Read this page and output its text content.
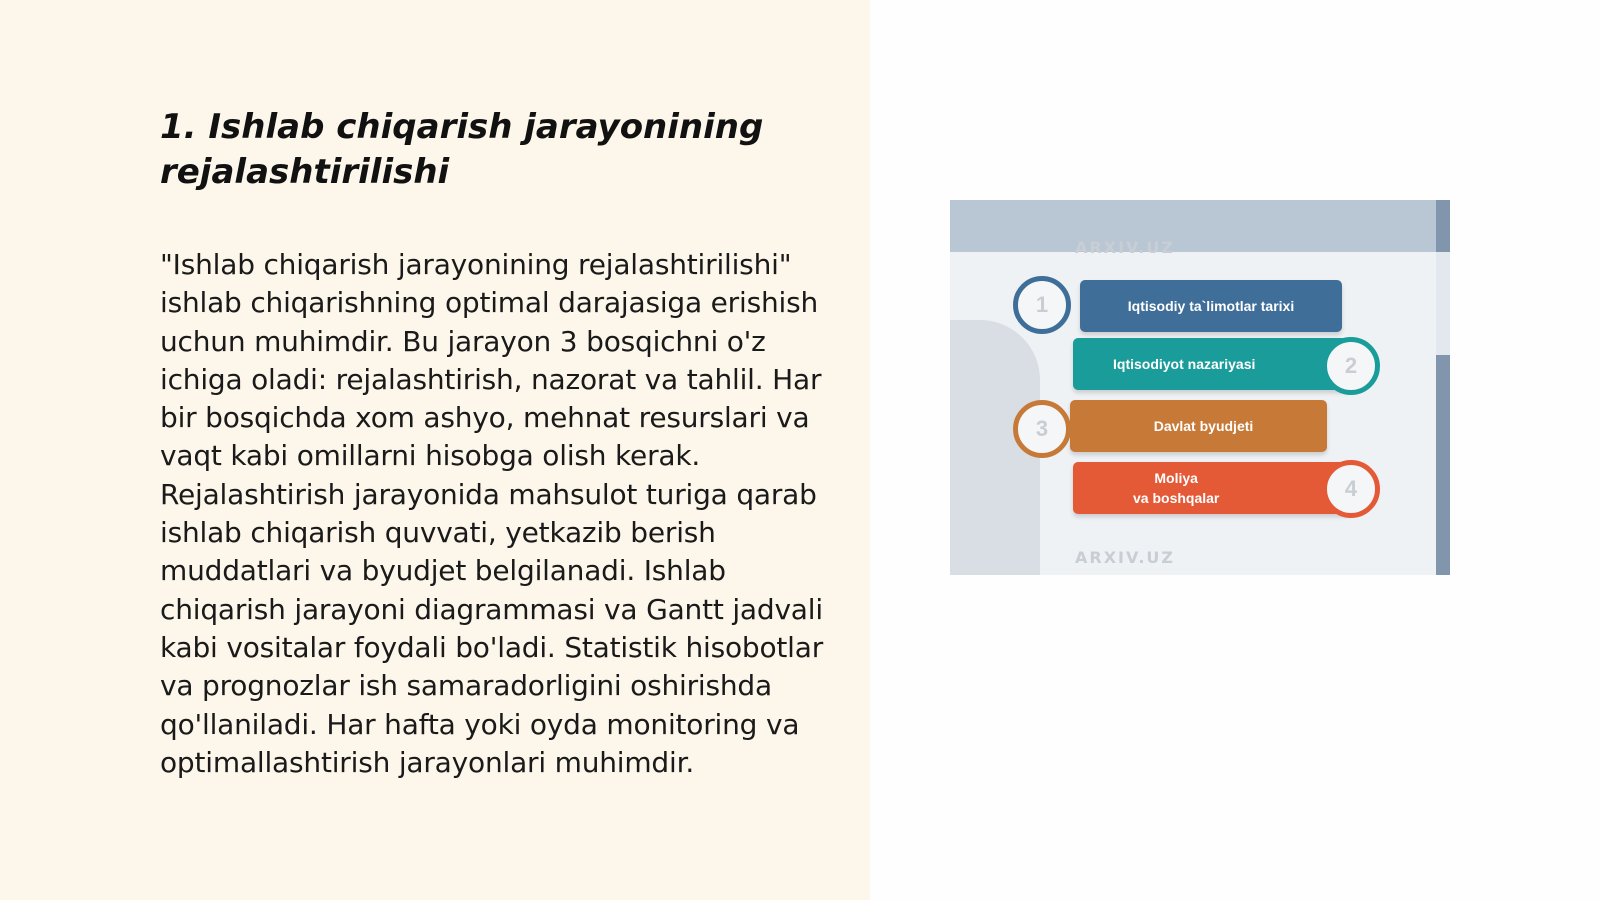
1. Ishlab chiqarish jarayonining rejalashtirilishi

"Ishlab chiqarish jarayonining rejalashtirilishi" ishlab chiqarishning optimal darajasiga erishish uchun muhimdir. Bu jarayon 3 bosqichni o'z ichiga oladi: rejalashtirish, nazorat va tahlil. Har bir bosqichda xom ashyo, mehnat resurslari va vaqt kabi omillarni hisobga olish kerak. Rejalashtirish jarayonida mahsulot turiga qarab ishlab chiqarish quvvati, yetkazib berish muddatlari va byudjet belgilanadi. Ishlab chiqarish jarayoni diagrammasi va Gantt jadvali kabi vositalar foydali bo'ladi. Statistik hisobotlar va prognozlar ish samaradorligini oshirishda qo'llaniladi. Har hafta yoki oyda monitoring va optimallashtirish jarayonlari muhimdir.

ARXIV.UZ
ARXIV.UZ
Iqtisodiy ta`limotlar tarixi
1
Iqtisodiyot nazariyasi	2
Davlat byudjeti
3
Moliya
va boshqalar	4
